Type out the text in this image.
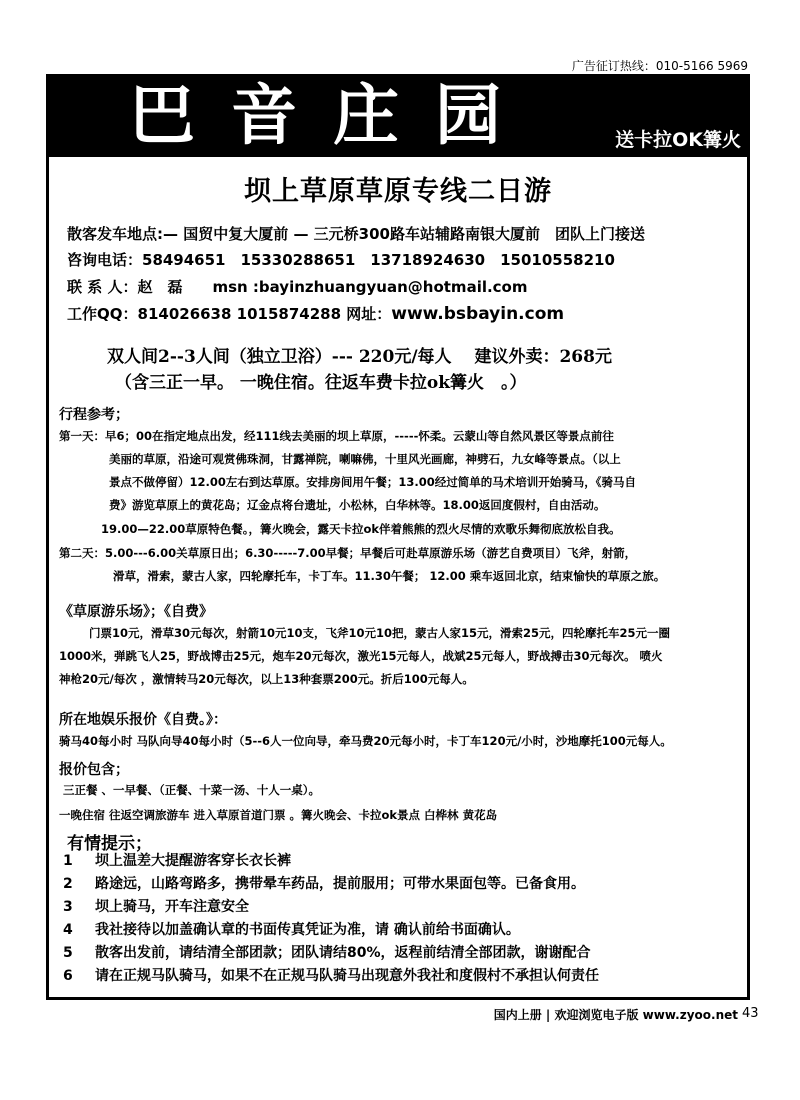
广告征订热线：010-5166 5969
巴音庄园	送卡拉OK篝火
坝上草原草原专线二日游
散客发车地点:— 国贸中复大厦前 — 三元桥300路车站辅路南银大厦前　团队上门接送
咨询电话：58494651　15330288651　13718924630　15010558210
联 系 人：赵　磊　　msn :bayinzhuangyuan@hotmail.com
工作QQ：814026638 1015874288 网址：www.bsbayin.com
双人间2--3人间（独立卫浴）--- 220元/每人　 建议外卖：268元
（含三正一早。 一晚住宿。往返车费卡拉ok篝火　。）
行程参考；
第一天：早6；00在指定地点出发，经111线去美丽的坝上草原，-----怀柔。云蒙山等自然风景区等景点前往
美丽的草原，沿途可观赏佛珠洞，甘露禅院，喇嘛佛，十里风光画廊，神劈石，九女峰等景点。（以上
景点不做停留）12.00左右到达草原。安排房间用午餐；13.00经过简单的马术培训开始骑马，《骑马自
费》游览草原上的黄花岛；辽金点将台遗址，小松林，白华林等。18.00返回度假村，自由活动。
19.00—22.00草原特色餐。，篝火晚会，露天卡拉ok伴着熊熊的烈火尽情的欢歌乐舞彻底放松自我。
第二天：5.00---6.00关草原日出；6.30-----7.00早餐；早餐后可赴草原游乐场（游艺自费项目）飞斧，射箭，
滑草，滑索，蒙古人家，四轮摩托车，卡丁车。11.30午餐； 12.00 乘车返回北京，结束愉快的草原之旅。
《草原游乐场》；《自费》
门票10元，滑草30元每次，射箭10元10支，飞斧10元10把，蒙古人家15元，滑索25元，四轮摩托车25元一圈
1000米，弹跳飞人25，野战博击25元，炮车20元每次，激光15元每人，战斌25元每人，野战搏击30元每次。 喷火
神枪20元/每次 ，激情转马20元每次，以上13种套票200元。折后100元每人。
所在地娱乐报价《自费。》：
骑马40每小时 马队向导40每小时（5--6人一位向导，牵马费20元每小时，卡丁车120元/小时，沙地摩托100元每人。
报价包含；
三正餐 、一早餐、（正餐、十菜一汤、十人一桌）。
一晚住宿 往返空调旅游车 进入草原首道门票 。篝火晚会、卡拉ok景点 白桦林 黄花岛
有情提示；
1 坝上温差大提醒游客穿长衣长裤
2 路途远，山路弯路多，携带晕车药品，提前服用；可带水果面包等。已备食用。
3 坝上骑马，开车注意安全
4 我社接待以加盖确认章的书面传真凭证为准，请 确认前给书面确认。
5 散客出发前，请结清全部团款；团队请结80%，返程前结清全部团款，谢谢配合
6 请在正规马队骑马，如果不在正规马队骑马出现意外我社和度假村不承担认何责任
国内上册 | 欢迎浏览电子版 www.zyoo.net 43
